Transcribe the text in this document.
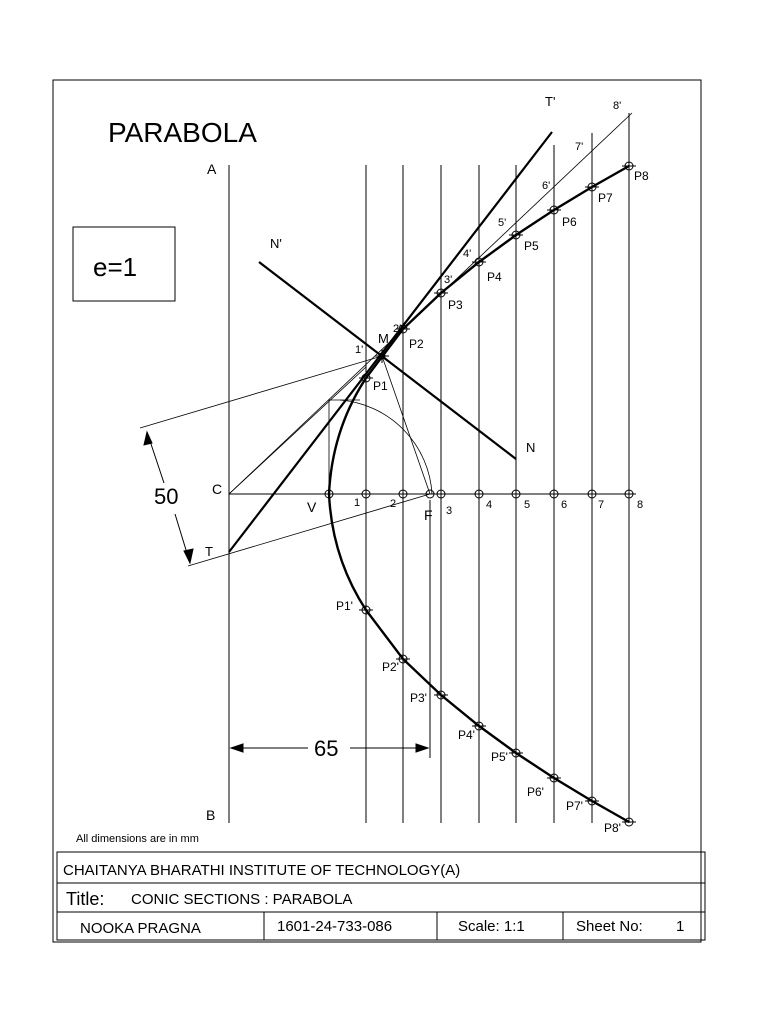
PARABOLA
e=1
A
B
C
T
V	F
M
N
N'
T'
1	2
3	4	5	6	7	8
1'
2'
3'
4'
5'
6'
7'
8'
P1
P2
P3
P4
P5
P6
P7
P8
P1'
P2'
P3'
P4'
P5'
P6'
P7'
P8'
50
65
All dimensions are in mm
CHAITANYA BHARATHI INSTITUTE OF TECHNOLOGY(A)
Title: CONIC SECTIONS : PARABOLA
NOOKA PRAGNA	1601-24-733-086	Scale: 1:1	Sheet No: 1
